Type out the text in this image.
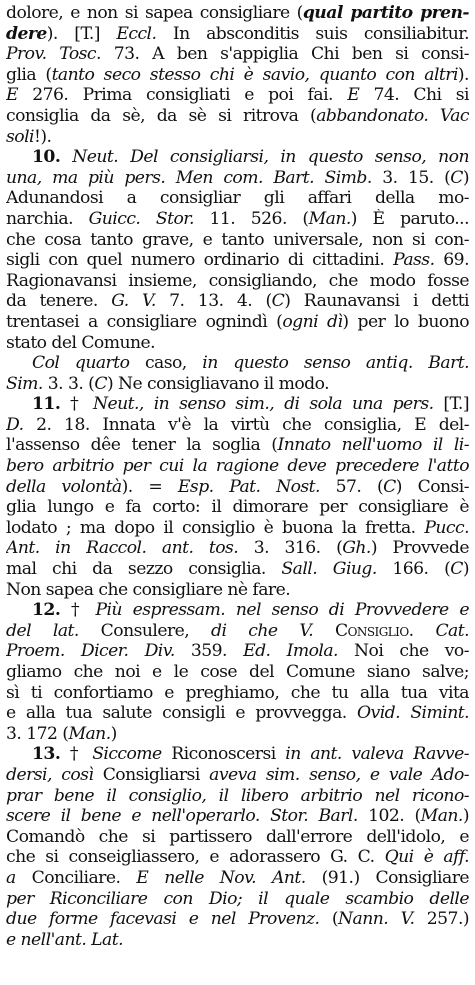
dolore, e non si sapea consigliare (qual partito pren-
dere). [T.] Eccl. In absconditis suis consiliabitur.
Prov. Tosc. 73. A ben s'appiglia Chi ben si consi-
glia (tanto seco stesso chi è savio, quanto con altri).
E 276. Prima consigliati e poi fai. E 74. Chi si
consiglia da sè, da sè si ritrova (abbandonato. Vac
soli!).
10. Neut. Del consigliarsi, in questo senso, non
una, ma più pers. Men com. Bart. Simb. 3. 15. (C)
Adunandosi a consigliar gli affari della mo-
narchia. Guicc. Stor. 11. 526. (Man.) È paruto...
che cosa tanto grave, e tanto universale, non si con-
sigli con quel numero ordinario di cittadini. Pass. 69.
Ragionavansi insieme, consigliando, che modo fosse
da tenere. G. V. 7. 13. 4. (C) Raunavansi i detti
trentasei a consigliare ognindì (ogni dì) per lo buono
stato del Comune.
Col quarto caso, in questo senso antiq. Bart.
Sim. 3. 3. (C) Ne consigliavano il modo.
11. † Neut., in senso sim., di sola una pers. [T.]
D. 2. 18. Innata v'è la virtù che consiglia, E del-
l'assenso dêe tener la soglia (Innato nell'uomo il li-
bero arbitrio per cui la ragione deve precedere l'atto
della volontà). = Esp. Pat. Nost. 57. (C) Consi-
glia lungo e fa corto: il dimorare per consigliare è
lodato ; ma dopo il consiglio è buona la fretta. Pucc.
Ant. in Raccol. ant. tos. 3. 316. (Gh.) Provvede
mal chi da sezzo consiglia. Sall. Giug. 166. (C)
Non sapea che consigliare nè fare.
12. † Più espressam. nel senso di Provvedere e
del lat. Consulere, di che V. Consiglio. Cat.
Proem. Dicer. Div. 359. Ed. Imola. Noi che vo-
gliamo che noi e le cose del Comune siano salve;
sì ti confortiamo e preghiamo, che tu alla tua vita
e alla tua salute consigli e provvegga. Ovid. Simint.
3. 172 (Man.)
13. † Siccome Riconoscersi in ant. valeva Ravve-
dersi, così Consigliarsi aveva sim. senso, e vale Ado-
prar bene il consiglio, il libero arbitrio nel ricono-
scere il bene e nell'operarlo. Stor. Barl. 102. (Man.)
Comandò che si partissero dall'errore dell'idolo, e
che si conseigliassero, e adorassero G. C. Qui è aff.
a Conciliare. E nelle Nov. Ant. (91.) Consigliare
per Riconciliare con Dio; il quale scambio delle
due forme facevasi e nel Provenz. (Nann. V. 257.)
e nell'ant. Lat.
